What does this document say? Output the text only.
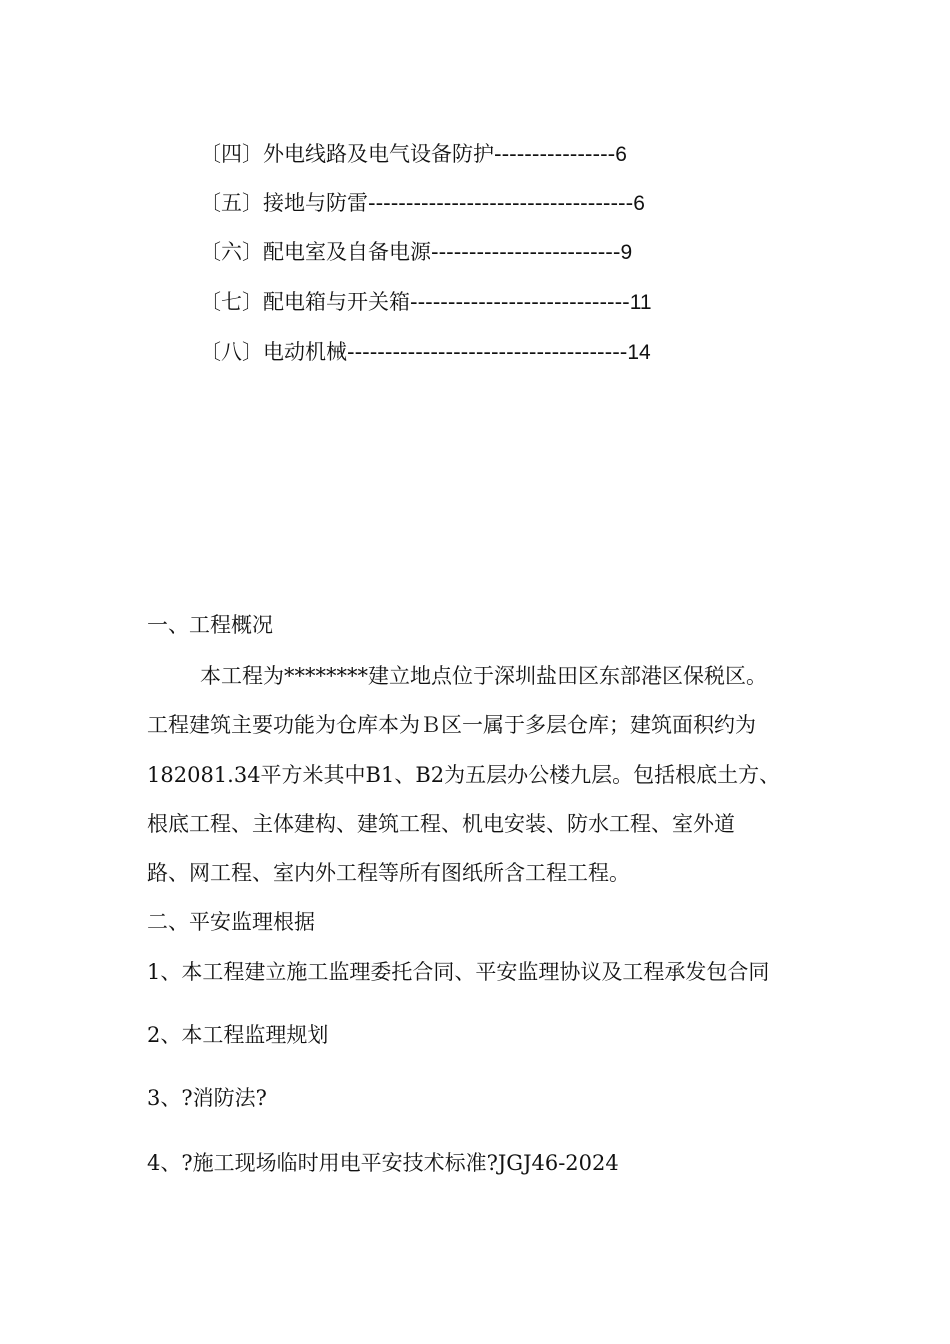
〔四〕外电线路及电气设备防护----------------6
〔五〕接地与防雷-----------------------------------6
〔六〕配电室及自备电源-------------------------9
〔七〕配电箱与开关箱-----------------------------11
〔八〕电动机械-------------------------------------14
一、工程概况
本工程为********建立地点位于深圳盐田区东部港区保税区。
工程建筑主要功能为仓库本为Ｂ区一属于多层仓库；建筑面积约为
182081.34平方米其中B1、B2为五层办公楼九层。包括根底土方、
根底工程、主体建构、建筑工程、机电安装、防水工程、室外道
路、网工程、室内外工程等所有图纸所含工程工程。
二、平安监理根据
1、本工程建立施工监理委托合同、平安监理协议及工程承发包合同
2、本工程监理规划
3、?消防法?
4、?施工现场临时用电平安技术标准?JGJ46-2024
